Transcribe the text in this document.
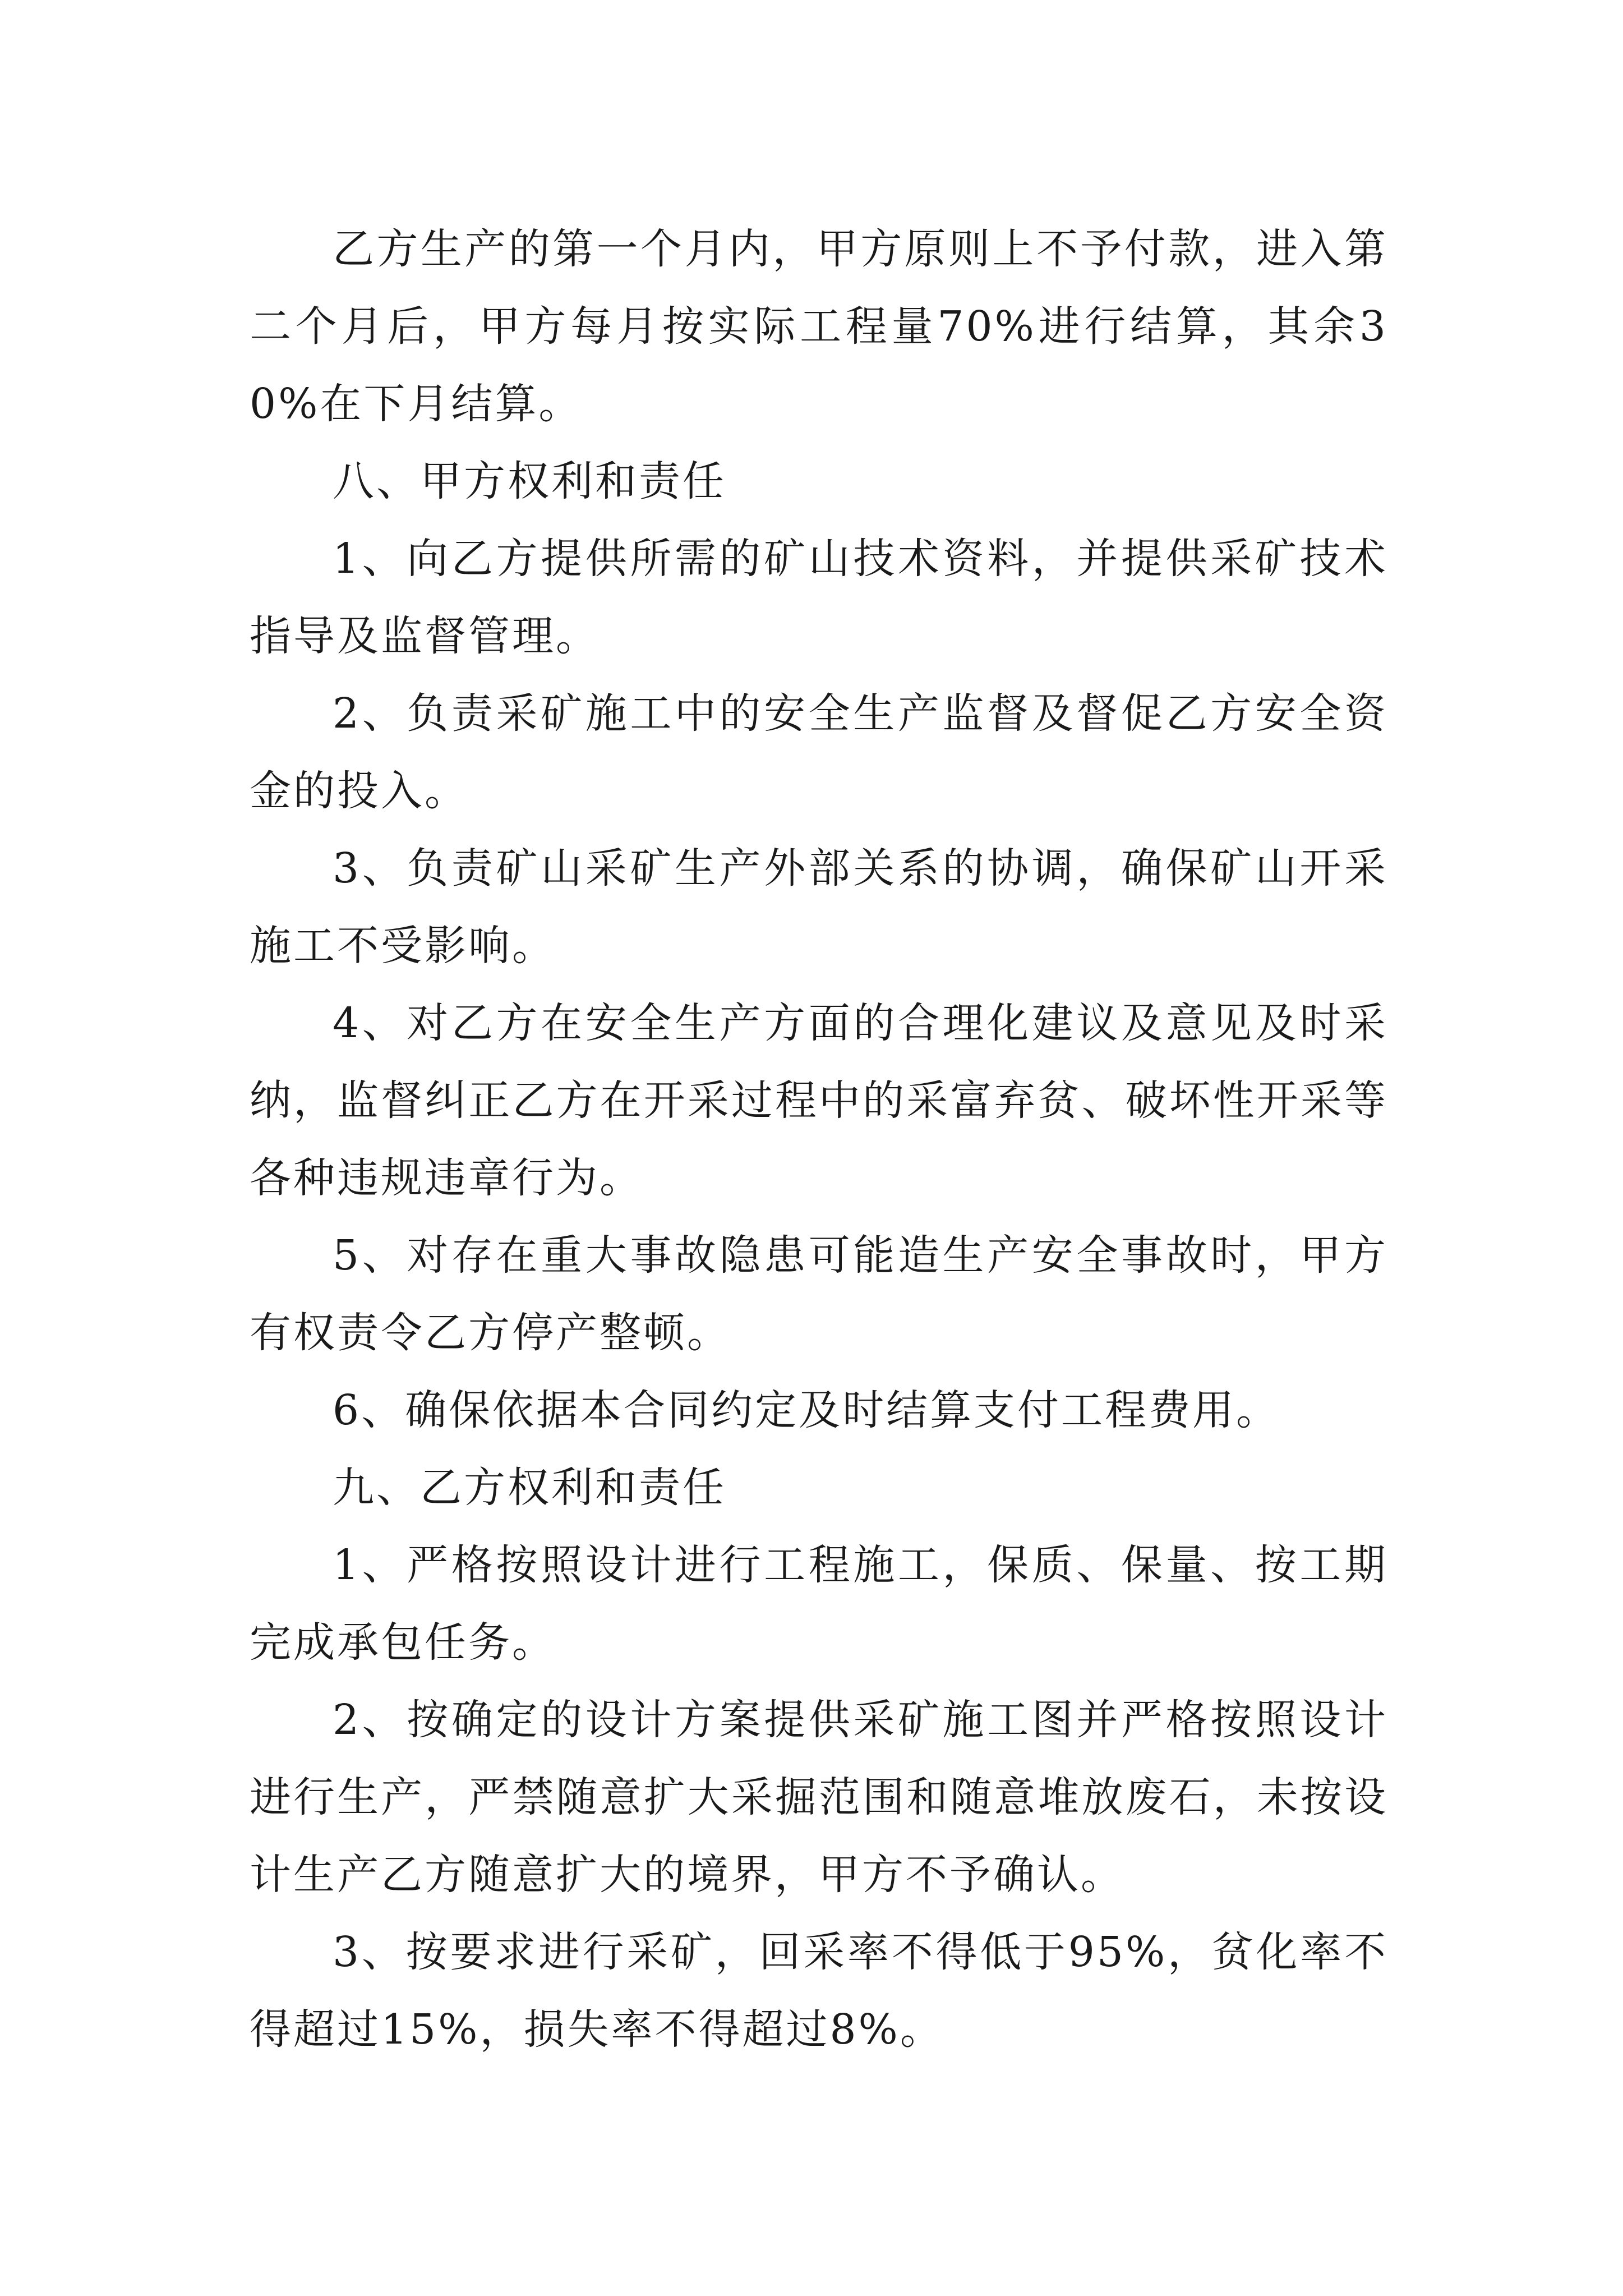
乙方生产的第一个月内，甲方原则上不予付款，进入第二个月后，甲方每月按实际工程量70%进行结算，其余30%在下月结算。

八、甲方权利和责任

1、向乙方提供所需的矿山技术资料，并提供采矿技术指导及监督管理。

2、负责采矿施工中的安全生产监督及督促乙方安全资金的投入。

3、负责矿山采矿生产外部关系的协调，确保矿山开采施工不受影响。

4、对乙方在安全生产方面的合理化建议及意见及时采纳，监督纠正乙方在开采过程中的采富弃贫、破坏性开采等各种违规违章行为。

5、对存在重大事故隐患可能造生产安全事故时，甲方有权责令乙方停产整顿。

6、确保依据本合同约定及时结算支付工程费用。

九、乙方权利和责任

1、严格按照设计进行工程施工，保质、保量、按工期完成承包任务。

2、按确定的设计方案提供采矿施工图并严格按照设计进行生产，严禁随意扩大采掘范围和随意堆放废石，未按设计生产乙方随意扩大的境界，甲方不予确认。

3、按要求进行采矿，回采率不得低于95%，贫化率不得超过15%，损失率不得超过8%。
